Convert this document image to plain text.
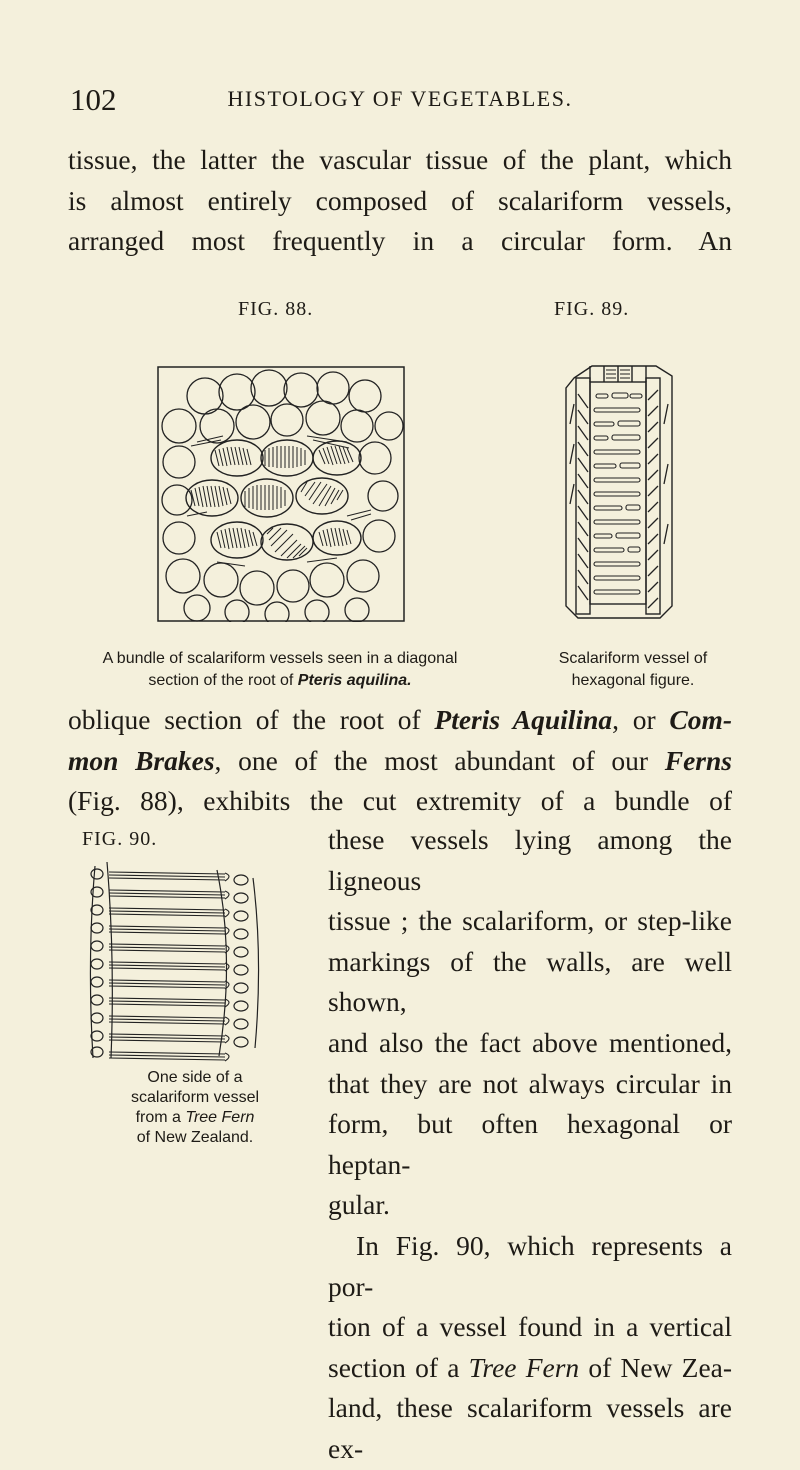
102	HISTOLOGY OF VEGETABLES.
tissue, the latter the vascular tissue of the plant, which
is almost entirely composed of scalariform vessels,
arranged most frequently in a circular form. An
FIG. 88.	FIG. 89.
A bundle of scalariform vessels seen in a diagonal
section of the root of Pteris aquilina.
Scalariform vessel of
hexagonal figure.
oblique section of the root of Pteris Aquilina, or Com-
mon Brakes, one of the most abundant of our Ferns
(Fig. 88), exhibits the cut extremity of a bundle of
FIG. 90.
One side of a
scalariform vessel
from a Tree Fern
of New Zealand.
these vessels lying among the ligneous
tissue ; the scalariform, or step-like
markings of the walls, are well shown,
and also the fact above mentioned,
that they are not always circular in
form, but often hexagonal or heptan-
gular.
In Fig. 90, which represents a por-
tion of a vessel found in a vertical
section of a Tree Fern of New Zea-
land, these scalariform vessels are ex-
